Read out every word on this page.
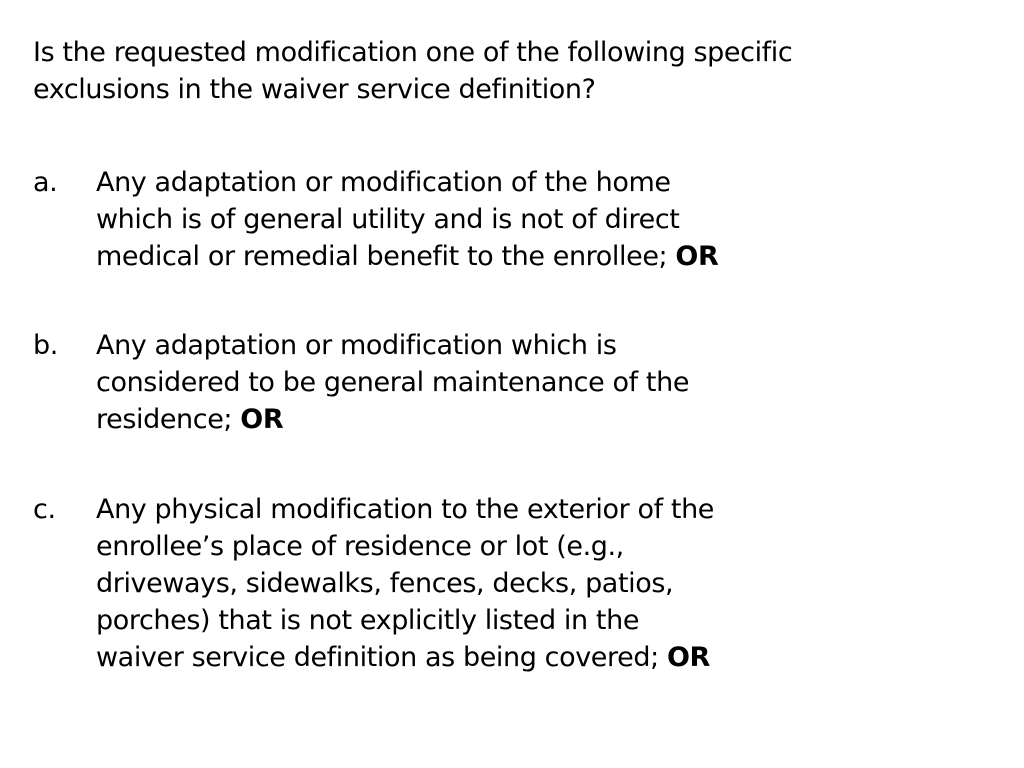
Is the requested modification one of the following specific
exclusions in the waiver service definition?
a.	Any adaptation or modification of the home
which is of general utility and is not of direct
medical or remedial benefit to the enrollee; OR
b.	Any adaptation or modification which is
considered to be general maintenance of the
residence; OR
c.	Any physical modification to the exterior of the
enrollee’s place of residence or lot (e.g.,
driveways, sidewalks, fences, decks, patios,
porches) that is not explicitly listed in the
waiver service definition as being covered; OR
